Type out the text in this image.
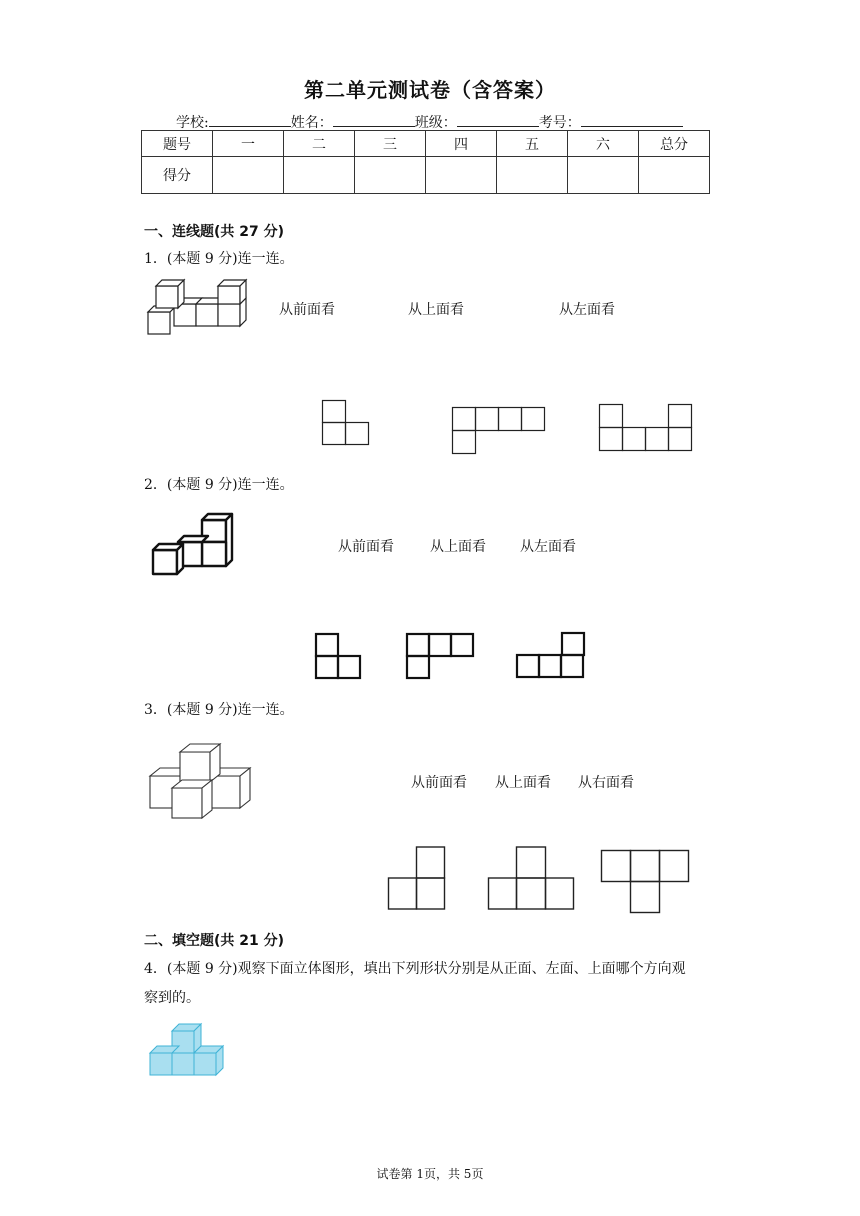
第二单元测试卷（含答案）
学校:	姓名：	班级：	考号：
题号	一	二	三	四	五	六	总分
得分							
一、连线题(共 27 分)
1．(本题 9 分)连一连。
从前面看	从上面看	从左面看
2．(本题 9 分)连一连。
从前面看	从上面看 从左面看
3．(本题 9 分)连一连。
从前面看 从上面看 从右面看
二、填空题(共 21 分)
4．(本题 9 分)观察下面立体图形，填出下列形状分别是从正面、左面、上面哪个方向观
察到的。
试卷第 1页，共 5页
